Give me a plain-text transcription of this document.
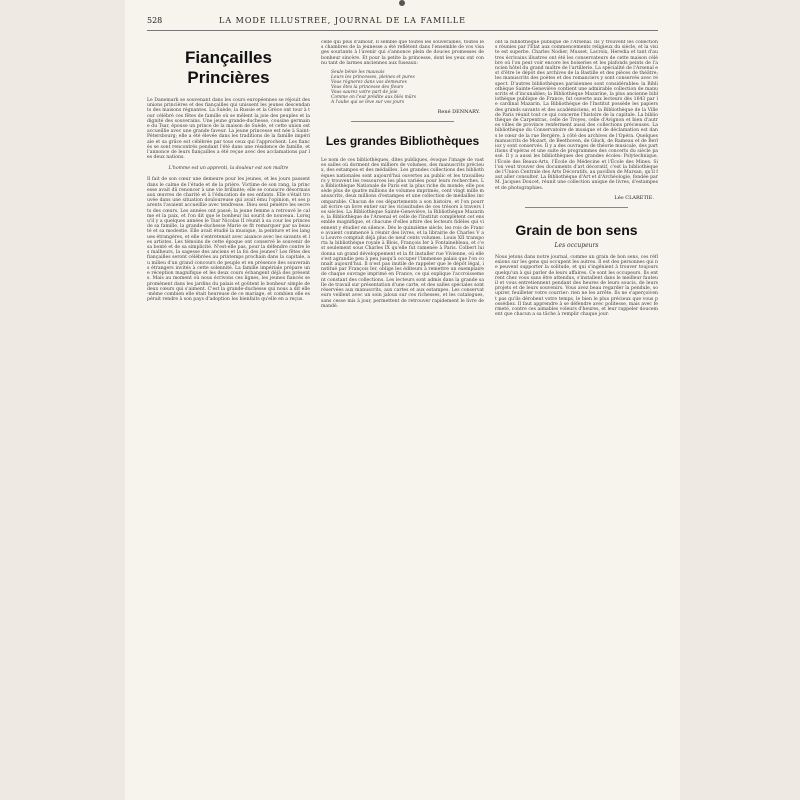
528	LA MODE ILLUSTRÉE, JOURNAL DE LA FAMILLE
Fiançailles Princières
Le Danemark se souvenant dans les cours européennes se réjouit des unions princières et des fiançailles qui unissent les jeunes descendants des maisons régnantes. La Suède, la Russie et la Grèce ont tour à tour célébré ces fêtes de famille où se mêlent la joie des peuples et la dignité des souverains. Une jeune grande-duchesse, cousine germaine du Tsar, épouse un prince de la maison de Suède, et cette union est accueillie avec une grande faveur. La jeune princesse est née à Saint-Pétersbourg; elle a été élevée dans les traditions de la famille impériale et sa grâce est célébrée par tous ceux qui l'approchent. Les fiancés se sont rencontrés pendant l'été dans une résidence de famille, et l'annonce de leurs fiançailles a été reçue avec des acclamations par les deux nations.
L'homme est un apprenti, la douleur est son maître
Il fait de son cœur une demeure pour les jeunes, et les jours passent dans le calme de l'étude et de la prière. Victime de son rang, la princesse avait dû renoncer à une vie brillante; elle se consacre désormais aux œuvres de charité et à l'éducation de ses enfants. Elle s'était trouvée dans une situation douloureuse qui avait ému l'opinion, et ses parents l'avaient accueillie avec tendresse. Dieu seul pénètre les secrets des cœurs. Les années ont passé; la jeune femme a retrouvé le calme et la paix, et l'on dit que le bonheur lui sourit de nouveau. Lorsqu'il y a quelques années le Tsar Nicolas II réunit à sa cour les princes de sa famille, la grande-duchesse Marie se fit remarquer par sa beauté et sa modestie. Elle avait étudié la musique, la peinture et les langues étrangères, et elle s'entretenait avec aisance avec les savants et les artistes. Les témoins de cette époque ont conservé le souvenir de sa bonté et de sa simplicité. N'est-elle pas, pour la défendre contre les malheurs, la sagesse des anciens et la foi des jeunes? Les fêtes des fiançailles seront célébrées au printemps prochain dans la capitale, au milieu d'un grand concours de peuple et en présence des souverains étrangers invités à cette solennité. La famille impériale prépare une réception magnifique et les deux cours échangent déjà des présents. Mais au moment où nous écrivons ces lignes, les jeunes fiancés se promènent dans les jardins du palais et goûtent le bonheur simple de deux cœurs qui s'aiment. C'est la grande-duchesse qui nous a dit elle-même combien elle était heureuse de ce mariage, et combien elle espérait rendre à son pays d'adoption les bienfaits qu'elle en a reçus.
celle qui plus d'amour, Il semble que toutes les souveraines, toutes les chambres de la jeunesse a été reflètent dans l'ensemble de vos visages souriants à l'avenir qui s'annonce plein de douces promesses de bonheur sincère. Et pour la petite la princesse, dont les yeux ont connu tant de larmes anciennes aux fuseaux:
Seule bénie les mauvais
Leurs les princesses, pleines et pures
Vous régnerez dans vos demeures
Vous êtes la princesse des fleurs
Vous saurez votre part de joie
Comme on l'eut prédite aux blés mûrs
A l'aube qui se lève sur vos jours
René DENNARY.
Les grandes Bibliothèques
Le nom de ces bibliothèques, dites publiques, évoque l'image de vastes salles où dorment des milliers de volumes, des manuscrits précieux, des estampes et des médailles. Les grandes collections des bibliothèques nationales sont aujourd'hui ouvertes au public et les travailleurs y trouvent les ressources les plus variées pour leurs recherches. La Bibliothèque Nationale de Paris est la plus riche du monde; elle possède plus de quatre millions de volumes imprimés, cent vingt mille manuscrits, deux millions d'estampes et une collection de médailles incomparable. Chacun de ces départements a son histoire, et l'on pourrait écrire un livre entier sur les vicissitudes de ces trésors à travers les siècles. La Bibliothèque Sainte-Geneviève, la Bibliothèque Mazarine, la Bibliothèque de l'Arsenal et celle de l'Institut complètent cet ensemble magnifique, et chacune d'elles attire des lecteurs fidèles qui viennent y étudier en silence. Dès le quinzième siècle, les rois de France avaient commencé à réunir des livres, et la librairie de Charles V au Louvre comptait déjà plus de neuf cents volumes. Louis XII transporta la bibliothèque royale à Blois, François Ier à Fontainebleau, et c'est seulement sous Charles IX qu'elle fut ramenée à Paris. Colbert lui donna un grand développement et la fit installer rue Vivienne, où elle s'est agrandie peu à peu jusqu'à occuper l'immense palais que l'on connaît aujourd'hui. Il n'est pas inutile de rappeler que le dépôt légal, institué par François Ier, oblige les éditeurs à remettre un exemplaire de chaque ouvrage imprimé en France, ce qui explique l'accroissement constant des collections. Les lecteurs sont admis dans la grande salle de travail sur présentation d'une carte, et des salles spéciales sont réservées aux manuscrits, aux cartes et aux estampes. Les conservateurs veillent avec un soin jaloux sur ces richesses, et les catalogues, sans cesse mis à jour, permettent de retrouver rapidement le livre demandé.
ont la bibliothèque publique de l'Arsenal. Ils y trouvent les collections réunies par l'État aux commencements religieux du siècle, et la visite est superbe. Charles Nodier, Musset, Lacroix, Heredia et tant d'autres écrivains illustres ont été les conservateurs de cette maison célèbre où l'on peut voir encore les boiseries et les plafonds peints de l'ancien hôtel du grand maître de l'artillerie. La spécialité de l'Arsenal est d'être le dépôt des archives de la Bastille et des pièces de théâtre; les manuscrits des poètes et des romanciers y sont conservés avec respect. D'autres bibliothèques parisiennes sont considérables: la Bibliothèque Sainte-Geneviève contient une admirable collection de manuscrits et d'incunables; la Bibliothèque Mazarine, la plus ancienne bibliothèque publique de France, fut ouverte aux lecteurs dès 1643 par le cardinal Mazarin. La Bibliothèque de l'Institut possède les papiers des grands savants et des académiciens, et la Bibliothèque de la Ville de Paris réunit tout ce qui concerne l'histoire de la capitale. La bibliothèque de Carpentras, celle de Troyes, celle d'Avignon et bien d'autres villes de province renferment aussi des collections précieuses. La bibliothèque du Conservatoire de musique et de déclamation est dans le cœur de la rue Bergère, à côté des archives de l'Opéra. Quelques manuscrits de Mozart, de Beethoven, de Gluck, de Rameau et de Berlioz y sont conservés. Il y a des ouvrages de théorie musicale, des partitions d'opéras et une suite de programmes des concerts du siècle passé. Il y a aussi les bibliothèques des grandes écoles: Polytechnique, l'École des Beaux-Arts, l'École de Médecine et l'École des Mines. Si l'on veut trouver des documents d'art décoratif, c'est la bibliothèque de l'Union Centrale des Arts Décoratifs, au pavillon de Marsan, qu'il faut aller consulter. La Bibliothèque d'Art et d'Archéologie, fondée par M. Jacques Doucet, réunit une collection unique de livres, d'estampes et de photographies.
Léo CLARETIE.
Grain de bon sens
Les occupeurs
Nous jetons dans notre journal, comme un grain de bon sens, ces réflexions sur les gens qui occupent les autres. Il est des personnes qui ne peuvent supporter la solitude, et qui s'ingénient à trouver toujours quelqu'un à qui parler de leurs affaires. Ce sont les occupeurs. Ils entrent chez vous sans être attendus, s'installent dans le meilleur fauteuil et vous entretiennent pendant des heures de leurs soucis, de leurs projets et de leurs souvenirs. Vous avez beau regarder la pendule, soupirer, feuilleter votre courrier: rien ne les arrête. Ils ne s'aperçoivent pas qu'ils dérobent votre temps, le bien le plus précieux que vous possédiez. Il faut apprendre à se défendre avec politesse, mais avec fermeté, contre ces aimables voleurs d'heures, et leur rappeler doucement que chacun a sa tâche à remplir chaque jour.
